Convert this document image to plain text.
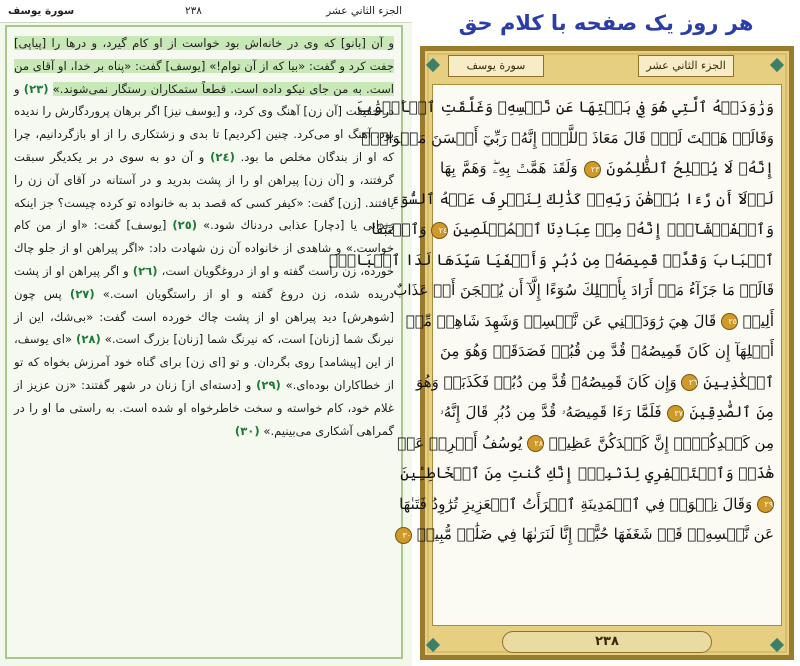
سورة يوسف	۲۳۸	الجزء الثاني عشر
و آن [بانو] كه وى در خانه‌اش بود خواست از او كام گيرد، و درها را [پياپى] جفت كرد و گفت: «بيا كه از آن توام!» [يوسف] گفت: «پناه بر خدا، او آقاى من است. به من جاى نيكو داده است. قطعاً ستمكاران رستگار نمى‌شوند.» (٢٣) و در حقيقت [آن زن] آهنگ وى كرد، و [يوسف نيز] اگر برهان پروردگارش را نديده بود، آهنگ او مى‌كرد. چنين [كرديم] تا بدى و زشتكارى را از او بازگردانيم، چرا كه او از بندگان مخلص ما بود. (٢٤) و آن دو به سوى در بر يكديگر سبقت گرفتند، و [آن زن] پيراهن او را از پشت بدريد و در آستانه در آقاى آن زن را يافتند. [زن] گفت: «كيفر كسى كه قصد بد به خانواده تو كرده چيست؟ جز اينكه زندانى يا [دچار] عذابى دردناك شود.» (٢٥) [يوسف] گفت: «او از من كام خواست.» و شاهدى از خانواده آن زن شهادت داد: «اگر پيراهن او از جلو چاك خورده، زن راست گفته و او از دروغگويان است، (٢٦) و اگر پيراهن او از پشت دريده شده، زن دروغ گفته و او از راستگويان است.» (٢٧) پس چون [شوهرش] ديد پيراهن او از پشت چاك خورده است گفت: «بى‌شك، اين از نيرنگ شما [زنان] است، كه نيرنگ شما [زنان] بزرگ است.» (٢٨) «اى يوسف، از اين [پيشامد] روى بگردان. و تو [اى زن] براى گناه خود آمرزش بخواه كه تو از خطاكاران بوده‌اى.» (٢٩) و [دسته‌اى از] زنان در شهر گفتند: «زن عزيز از غلام خود، كام خواسته و سخت خاطرخواه او شده است. به راستى ما او را در گمراهى آشكارى مى‌بينيم.» (٣٠)
هر روز یک صفحه با کلام حق
الجزء الثاني عشر
سورة يوسف
وَرَٰوَدَتۡهُ ٱلَّتِي هُوَ فِي بَيۡتِهَا عَن نَّفۡسِهِۦ وَغَلَّقَتِ ٱلۡأَبۡوَٰبَ
وَقَالَتۡ هَيۡتَ لَكَۚ قَالَ مَعَاذَ ٱللَّهِۖ إِنَّهُۥ رَبِّيٓ أَحۡسَنَ مَثۡوَايَۖ
إِنَّهُۥ لَا يُفۡلِحُ ٱلظَّٰلِمُونَ ٢٣ وَلَقَدۡ هَمَّتۡ بِهِۦۖ وَهَمَّ بِهَا
لَوۡلَآ أَن رَّءَا بُرۡهَٰنَ رَبِّهِۦۚ كَذَٰلِكَ لِنَصۡرِفَ عَنۡهُ ٱلسُّوٓءَ
وَٱلۡفَحۡشَآءَۚ إِنَّهُۥ مِنۡ عِبَادِنَا ٱلۡمُخۡلَصِينَ ٢٤ وَٱسۡتَبَقَا
ٱلۡبَابَ وَقَدَّتۡ قَمِيصَهُۥ مِن دُبُرٖ وَأَلۡفَيَا سَيِّدَهَا لَدَا ٱلۡبَابِۚ
قَالَتۡ مَا جَزَآءُ مَنۡ أَرَادَ بِأَهۡلِكَ سُوٓءًا إِلَّآ أَن يُسۡجَنَ أَوۡ عَذَابٌ
أَلِيمٞ ٢٥ قَالَ هِيَ رَٰوَدَتۡنِي عَن نَّفۡسِيۚ وَشَهِدَ شَاهِدٞ مِّنۡ
أَهۡلِهَآ إِن كَانَ قَمِيصُهُۥ قُدَّ مِن قُبُلٖ فَصَدَقَتۡ وَهُوَ مِنَ
ٱلۡكَٰذِبِينَ ٢٦ وَإِن كَانَ قَمِيصُهُۥ قُدَّ مِن دُبُرٖ فَكَذَبَتۡ وَهُوَ
مِنَ ٱلصَّٰدِقِينَ ٢٧ فَلَمَّا رَءَا قَمِيصَهُۥ قُدَّ مِن دُبُرٖ قَالَ إِنَّهُۥ
مِن كَيۡدِكُنَّۖ إِنَّ كَيۡدَكُنَّ عَظِيمٞ ٢٨ يُوسُفُ أَعۡرِضۡ عَنۡ
هَٰذَاۚ وَٱسۡتَغۡفِرِي لِذَنۢبِكِۖ إِنَّكِ كُنتِ مِنَ ٱلۡخَاطِـِٔينَ
٢٩ وَقَالَ نِسۡوَةٞ فِي ٱلۡمَدِينَةِ ٱمۡرَأَتُ ٱلۡعَزِيزِ تُرَٰوِدُ فَتَىٰهَا
عَن نَّفۡسِهِۦۖ قَدۡ شَغَفَهَا حُبًّاۖ إِنَّا لَنَرَىٰهَا فِي ضَلَٰلٖ مُّبِينٖ ٣٠
٢٣٨
